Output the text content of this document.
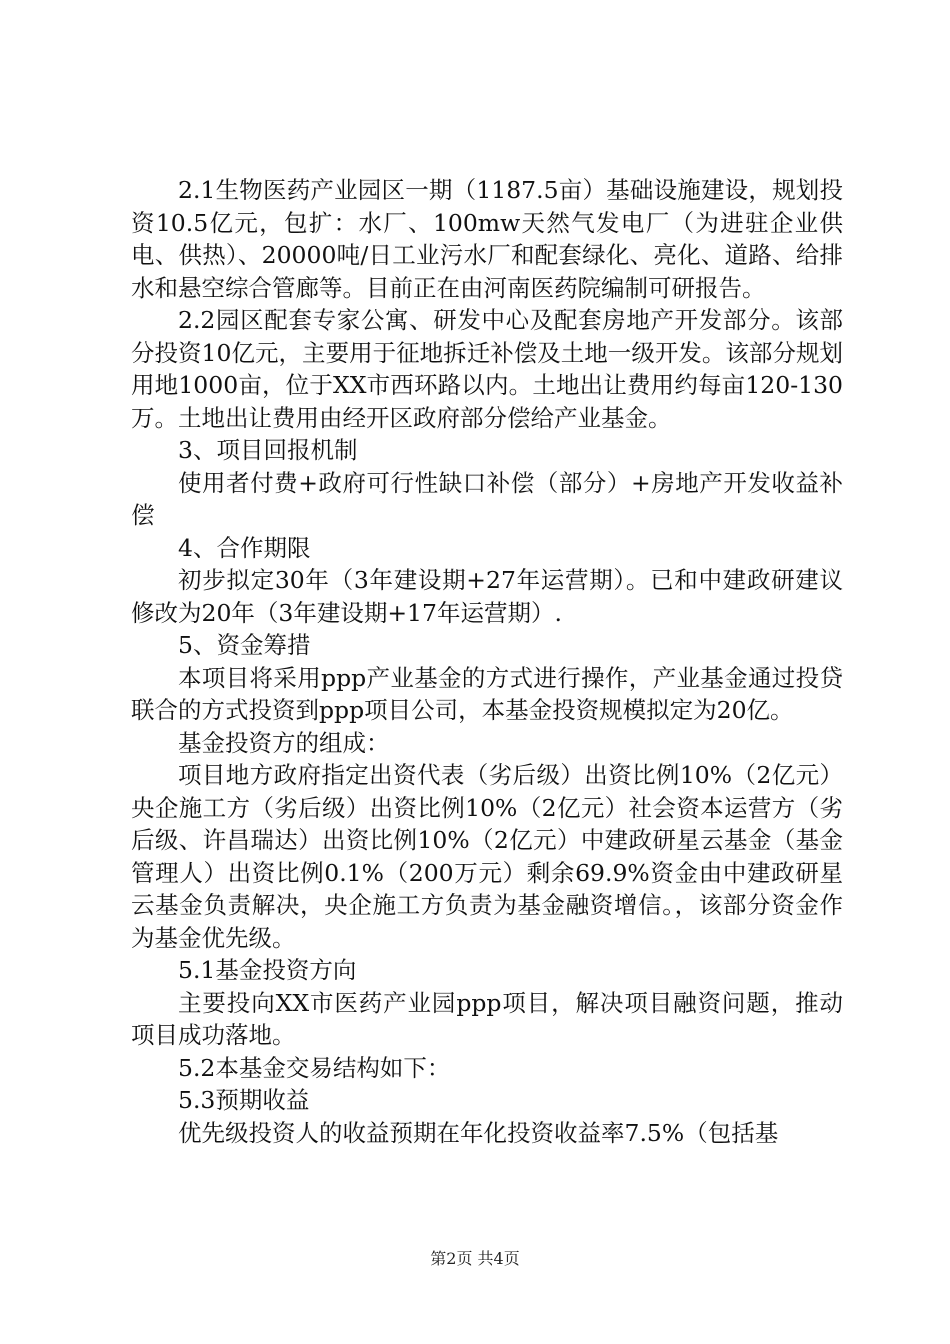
2.1生物医药产业园区一期（1187.5亩）基础设施建设，规划投资10.5亿元，包扩：水厂、100mw天然气发电厂（为进驻企业供电、供热）、20000吨/日工业污水厂和配套绿化、亮化、道路、给排水和悬空综合管廊等。目前正在由河南医药院编制可研报告。

2.2园区配套专家公寓、研发中心及配套房地产开发部分。该部分投资10亿元，主要用于征地拆迁补偿及土地一级开发。该部分规划用地1000亩，位于XX市西环路以内。土地出让费用约每亩120-130万。土地出让费用由经开区政府部分偿给产业基金。

3、项目回报机制

使用者付费+政府可行性缺口补偿（部分）+房地产开发收益补偿

4、合作期限

初步拟定30年（3年建设期+27年运营期）。已和中建政研建议修改为20年（3年建设期+17年运营期）.

5、资金筹措

本项目将采用ppp产业基金的方式进行操作，产业基金通过投贷联合的方式投资到ppp项目公司，本基金投资规模拟定为20亿。

基金投资方的组成：

项目地方政府指定出资代表（劣后级）出资比例10%（2亿元）央企施工方（劣后级）出资比例10%（2亿元）社会资本运营方（劣后级、许昌瑞达）出资比例10%（2亿元）中建政研星云基金（基金管理人）出资比例0.1%（200万元）剩余69.9%资金由中建政研星云基金负责解决，央企施工方负责为基金融资增信。，该部分资金作为基金优先级。

5.1基金投资方向

主要投向XX市医药产业园ppp项目，解决项目融资问题，推动项目成功落地。

5.2本基金交易结构如下：

5.3预期收益

优先级投资人的收益预期在年化投资收益率7.5%（包括基

第2页 共4页
